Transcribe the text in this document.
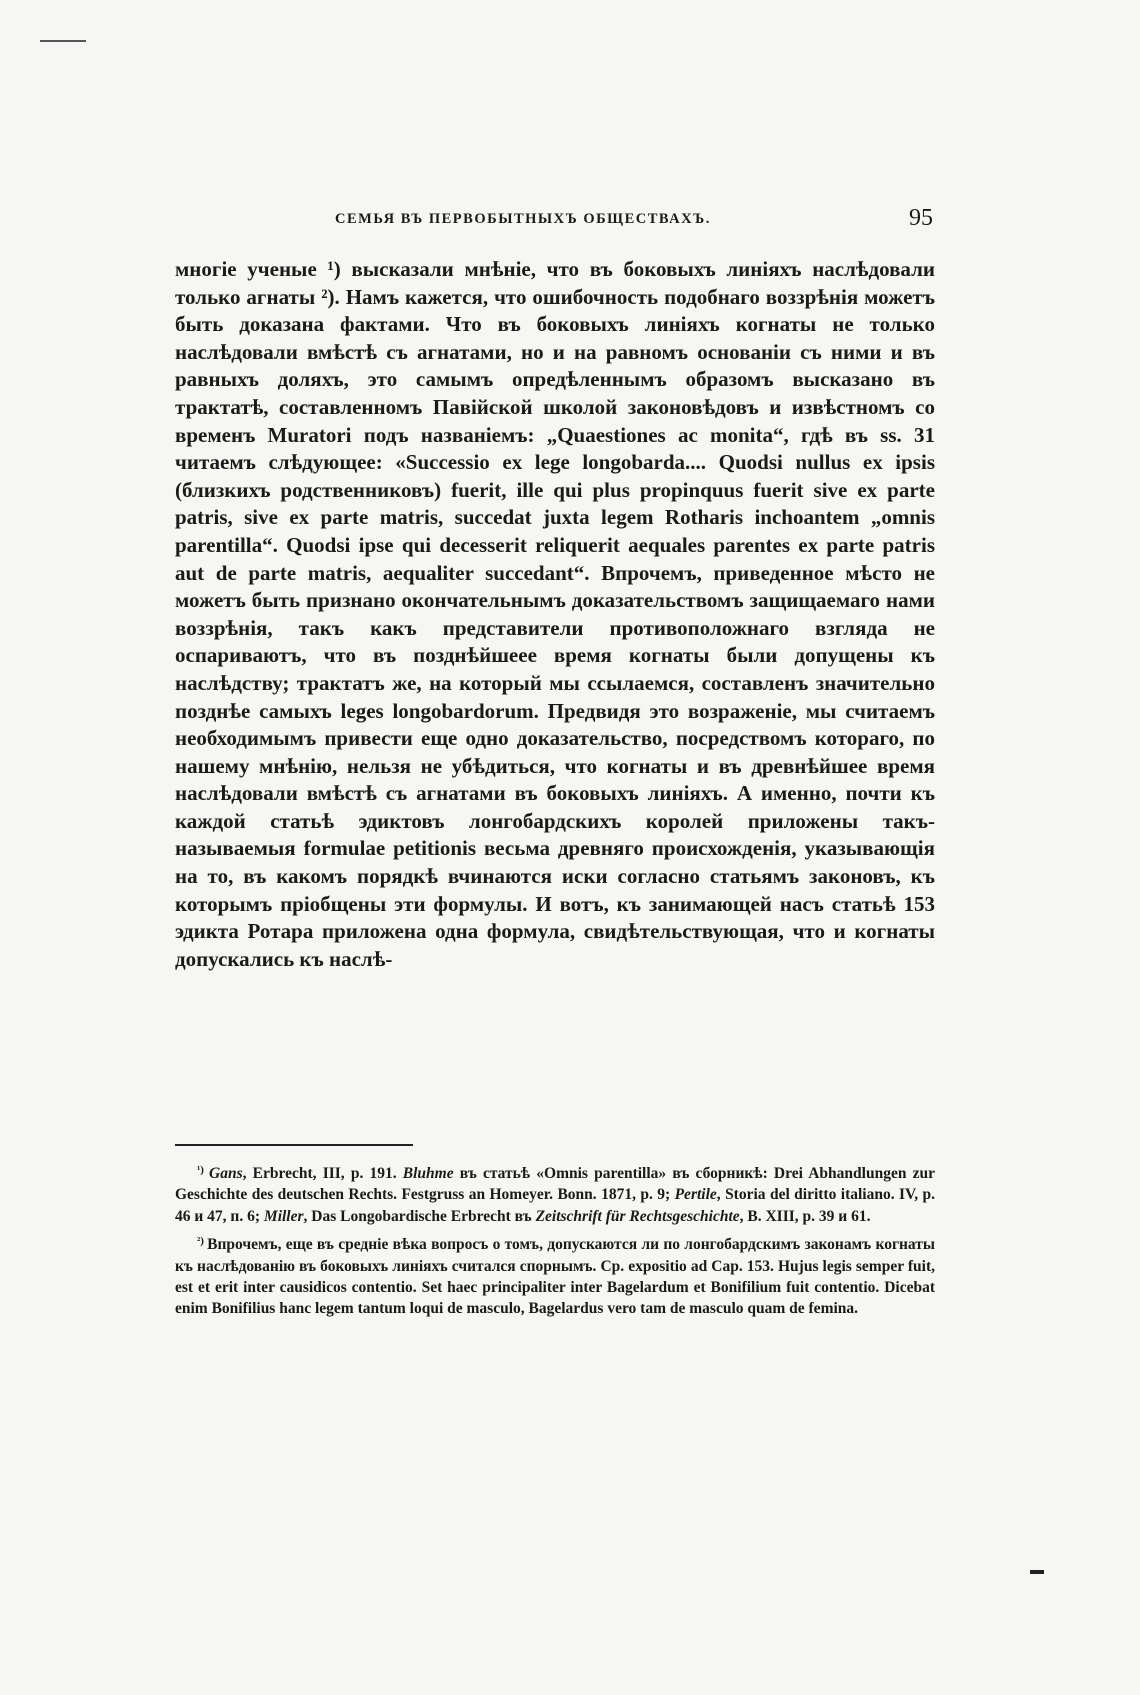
СЕМЬЯ ВЪ ПЕРВОБЫТНЫХЪ ОБЩЕСТВАХЪ.	95

многіе ученые ¹) высказали мнѣніе, что въ боковыхъ линіяхъ наслѣдовали только агнаты ²). Намъ кажется, что ошибочность подобнаго воззрѣнія можетъ быть доказана фактами. Что въ боковыхъ линіяхъ когнаты не только наслѣдовали вмѣстѣ съ агнатами, но и на равномъ основаніи съ ними и въ равныхъ доляхъ, это самымъ опредѣленнымъ образомъ высказано въ трактатѣ, составленномъ Павійской школой законовѣдовъ и извѣстномъ со временъ Muratori подъ названіемъ: „Quaestiones ac monita“, гдѣ въ ss. 31 читаемъ слѣдующее: «Successio ex lege longobarda.... Quodsi nullus ex ipsis (близкихъ родственниковъ) fuerit, ille qui plus propinquus fuerit sive ex parte patris, sive ex parte matris, succedat juxta legem Rotharis inchoantem „omnis parentilla“. Quodsi ipse qui decesserit reliquerit aequales parentes ex parte patris aut de parte matris, aequaliter succedant“. Впрочемъ, приведенное мѣсто не можетъ быть признано окончательнымъ доказательствомъ защищаемаго нами воззрѣнія, такъ какъ представители противоположнаго взгляда не оспариваютъ, что въ позднѣйшеее время когнаты были допущены къ наслѣдству; трактатъ же, на который мы ссылаемся, составленъ значительно позднѣе самыхъ leges longobardorum. Предвидя это возраженіе, мы считаемъ необходимымъ привести еще одно доказательство, посредствомъ котораго, по нашему мнѣнію, нельзя не убѣдиться, что когнаты и въ древнѣйшее время наслѣдовали вмѣстѣ съ агнатами въ боковыхъ линіяхъ. А именно, почти къ каждой статьѣ эдиктовъ лонгобардскихъ королей приложены такъ-называемыя formulae petitionis весьма древняго происхожденія, указывающія на то, въ какомъ порядкѣ вчинаются иски согласно статьямъ законовъ, къ которымъ пріобщены эти формулы. И вотъ, къ занимающей насъ статьѣ 153 эдикта Ротара приложена одна формула, свидѣтельствующая, что и когнаты допускались къ наслѣ-

$^{^1)}$ Gans, Erbrecht, III, p. 191. Bluhme въ статьѣ «Omnis parentilla» въ сборникѣ: Drei Abhandlungen zur Geschichte des deutschen Rechts. Festgruss an Homeyer. Bonn. 1871, p. 9; Pertile, Storia del diritto italiano. IV, p. 46 и 47, п. 6; Miller, Das Longobardische Erbrecht въ Zeitschrift für Rechtsgeschichte, B. XIII, p. 39 и 61.

$^{^2)}$ Впрочемъ, еще въ средніе вѣка вопросъ о томъ, допускаются ли по лонгобардскимъ законамъ когнаты къ наслѣдованію въ боковыхъ линіяхъ считался спорнымъ. Ср. expositio ad Cap. 153. Hujus legis semper fuit, est et erit inter causidicos contentio. Set haec principaliter inter Bagelardum et Bonifilium fuit contentio. Dicebat enim Bonifilius hanc legem tantum loqui de masculo, Bagelardus vero tam de masculo quam de femina.
